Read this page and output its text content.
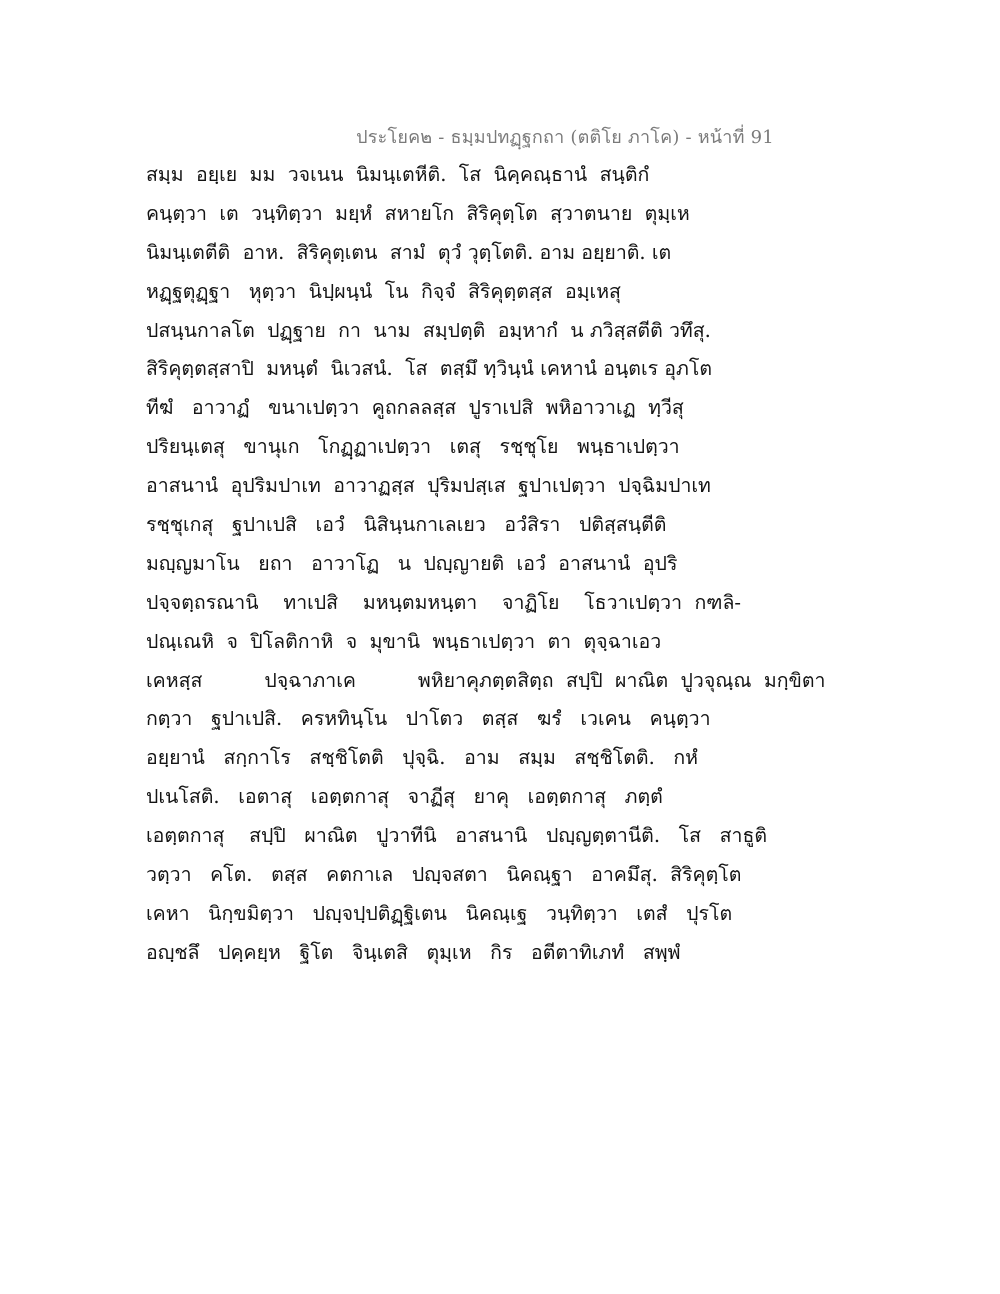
ประโยค๒ - ธมฺมปทฏฺฐกถา (ตติโย ภาโค) - หน้าที่ 91
สมฺม  อยฺเย  มม  วจเนน  นิมนฺเตหีติ.  โส  นิคฺคณฺธานํ  สนฺติกํ
คนฺตฺวา  เต  วนฺทิตฺวา  มยฺหํ  สหายโก  สิริคุตฺโต  สฺวาตนาย  ตุมฺเห
นิมนฺเตตีติ  อาห.  สิริคุตฺเตน  สามํ  ตุวํ วุตฺโตติ. อาม อยฺยาติ. เต
หฏฺฐตุฏฺฐา   หุตฺวา  นิปฺผนฺนํ  โน  กิจฺจํ  สิริคุตฺตสฺส  อมฺเหสุ
ปสนฺนกาลโต  ปฏฺฐาย  กา  นาม  สมฺปตฺติ  อมฺหากํ  น ภวิสฺสตีติ วทึสุ.
สิริคุตฺตสฺสาปิ  มหนฺตํ  นิเวสนํ.  โส  ตสฺมึ ทฺวินฺนํ เคหานํ อนฺตเร อุภโต
ทีฆํ   อาวาฏํ   ขนาเปตฺวา  คูถกลลสฺส  ปูราเปสิ  พหิอาวาเฏ  ทฺวีสุ
ปริยนฺเตสุ   ขานุเก   โกฏฺฏาเปตฺวา   เตสุ   รชฺชุโย   พนฺธาเปตฺวา
อาสนานํ  อุปริมปาเท  อาวาฏสฺส  ปุริมปสฺเส  ฐปาเปตฺวา  ปจฺฉิมปาเท
รชฺชุเกสุ   ฐปาเปสิ   เอวํ   นิสินฺนกาเลเยว   อวํสิรา   ปติสฺสนฺตีติ
มญฺญมาโน   ยถา   อาวาโฏ   น  ปญฺญายติ  เอวํ  อาสนานํ  อุปริ
ปจฺจตฺถรณานิ    ทาเปสิ    มหนฺตมหนฺตา    จาฏิโย    โธวาเปตฺวา  กฑลิ-
ปณฺเณหิ  จ  ปิโลติกาหิ  จ  มุขานิ  พนฺธาเปตฺวา  ตา  ตุจฺฉาเอว
เคหสฺส          ปจฺฉาภาเค          พหิยาคุภตฺตสิตฺถ  สปฺปิ  ผาณิต  ปูวจุณฺณ  มกฺขิตา
กตฺวา   ฐปาเปสิ.   ครหทินฺโน   ปาโตว   ตสฺส   ฆรํ   เวเคน   คนฺตฺวา
อยฺยานํ   สกฺกาโร   สชฺชิโตติ   ปุจฺฉิ.   อาม   สมฺม   สชฺชิโตติ.   กหํ
ปเนโสติ.   เอตาสุ   เอตฺตกาสุ   จาฏีสุ   ยาคุ   เอตฺตกาสุ   ภตฺตํ
เอตฺตกาสุ    สปฺปิ   ผาณิต   ปูวาทีนิ   อาสนานิ   ปญฺญตฺตานีติ.   โส   สาธูติ
วตฺวา   คโต.   ตสฺส   คตกาเล   ปญฺจสตา   นิคณฺฐา   อาคมึสุ.  สิริคุตฺโต
เคหา   นิกฺขมิตฺวา   ปญฺจปฺปติฏฺฐิเตน   นิคณฺเฐ   วนฺทิตฺวา   เตสํ   ปุรโต
อญฺชลึ   ปคฺคยฺห   ฐิโต   จินฺเตสิ   ตุมฺเห   กิร   อตีตาทิเภทํ   สพฺพํ
